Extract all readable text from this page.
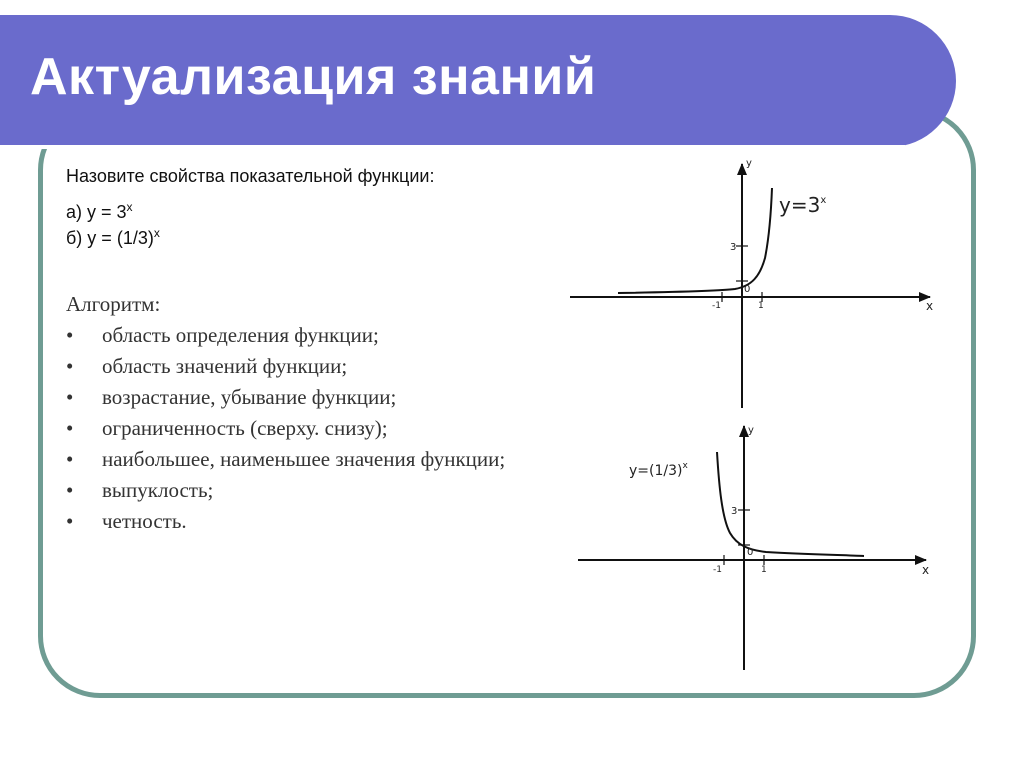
Актуализация знаний
Назовите свойства показательной функции:
а) $у = 3^х$
б) $у = (1/3)^х$
Алгоритм:
• область определения функции;
• область значений функции;
• возрастание, убывание функции;
• ограниченность (сверху. снизу);
• наибольшее, наименьшее значения функции;
• выпуклость;
• четность.
у
х
3
0
-1	1
$у=3^х$
у
х
3
0
-1	1
$у=(1/3)^х$
